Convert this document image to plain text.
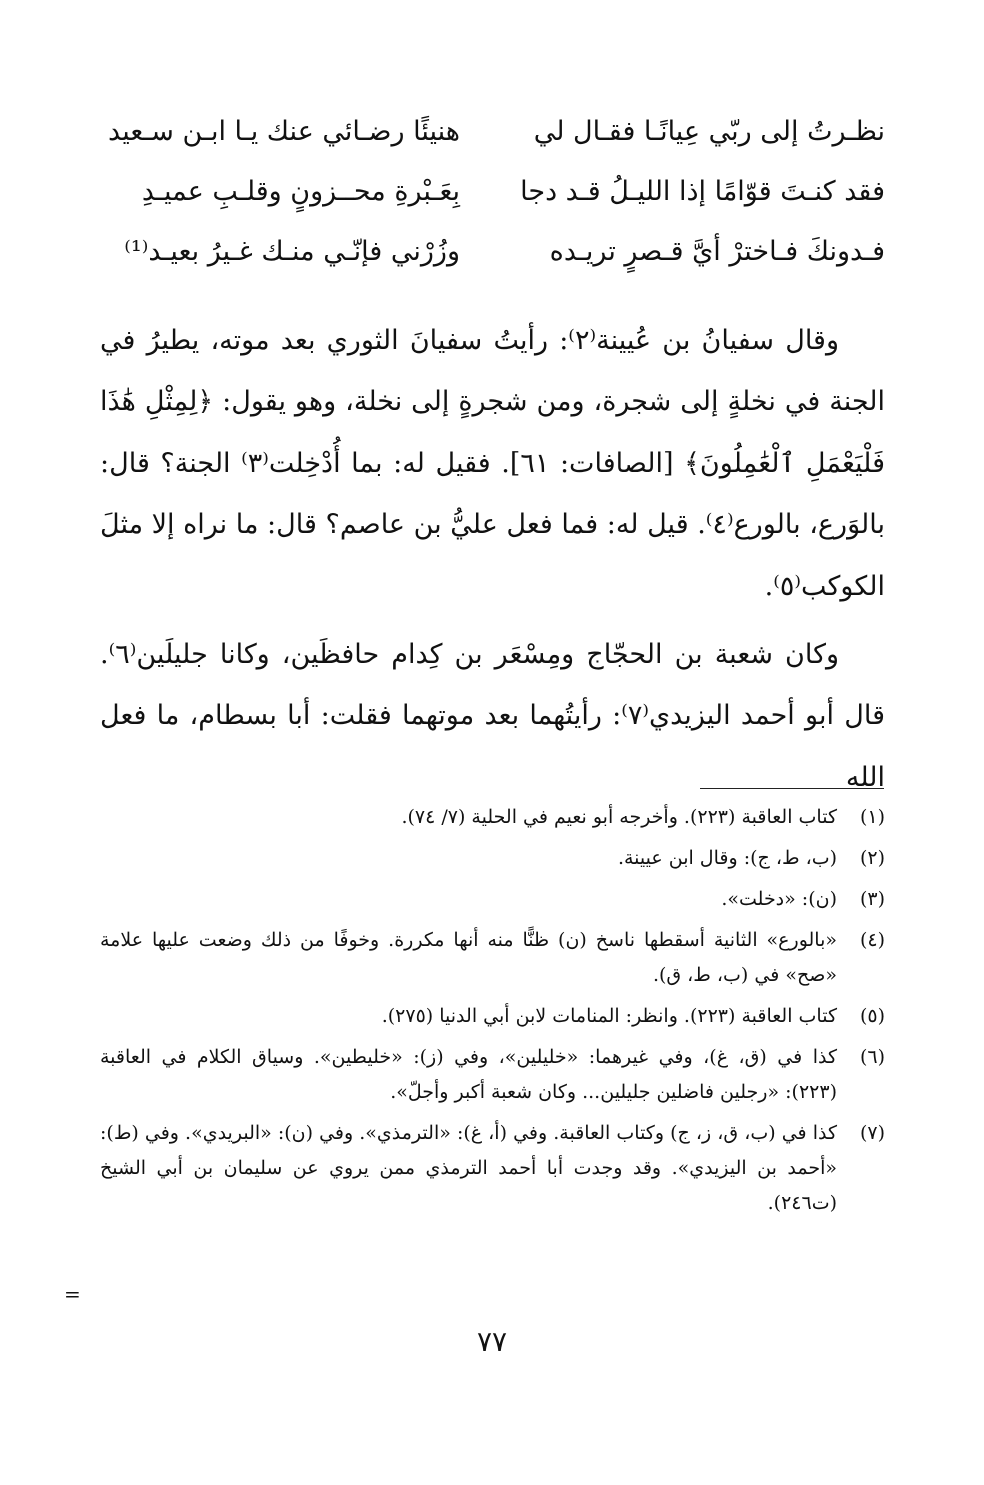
نظـرتُ إلى ربّي عِيانًـا فقـال لي
هنيئًا رضـائي عنك يـا ابـن سـعيد
فقد كنـتَ قوّامًا إذا الليـلُ قـد دجا
بِعَـبْرةِ محــزونٍ وقلـبِ عميـدِ
فـدونكَ فـاخترْ أيَّ قـصرٍ تريـده
وزُرْني فإنّـي منـك غـيرُ بعيـد⁽¹⁾

وقال سفيانُ بن عُيينة⁽٢⁾: رأيتُ سفيانَ الثوري بعد موته، يطيرُ في الجنة في نخلةٍ إلى شجرة، ومن شجرةٍ إلى نخلة، وهو يقول: ﴿لِمِثْلِ هَٰذَا فَلْيَعْمَلِ ٱلْعَٰمِلُونَ﴾ [الصافات: ٦١]. فقيل له: بما أُدْخِلت⁽٣⁾ الجنة؟ قال: بالوَرع، بالورع⁽٤⁾. قيل له: فما فعل عليُّ بن عاصم؟ قال: ما نراه إلا مثلَ الكوكب⁽٥⁾.

وكان شعبة بن الحجّاج ومِسْعَر بن كِدام حافظَين، وكانا جليلَين⁽٦⁾. قال أبو أحمد اليزيدي⁽٧⁾: رأيتُهما بعد موتهما فقلت: أبا بسطام، ما فعل الله

(١)
كتاب العاقبة (٢٢٣). وأخرجه أبو نعيم في الحلية (٧/ ٧٤).
(٢)
(ب، ط، ج): وقال ابن عيينة.
(٣)
(ن): «دخلت».
(٤)
«بالورع» الثانية أسقطها ناسخ (ن) ظنًّا منه أنها مكررة. وخوفًا من ذلك وضعت عليها علامة «صح» في (ب، ط، ق).
(٥)
كتاب العاقبة (٢٢٣). وانظر: المنامات لابن أبي الدنيا (٢٧٥).
(٦)
كذا في (ق، غ)، وفي غيرهما: «خليلين»، وفي (ز): «خليطين». وسياق الكلام في العاقبة (٢٢٣): «رجلين فاضلين جليلين... وكان شعبة أكبر وأجلّ».
(٧)
كذا في (ب، ق، ز، ج) وكتاب العاقبة. وفي (أ، غ): «الترمذي». وفي (ن): «البريدي». وفي (ط): «أحمد بن اليزيدي». وقد وجدت أبا أحمد الترمذي ممن يروي عن سليمان بن أبي الشيخ (ت٢٤٦).
=
٧٧
